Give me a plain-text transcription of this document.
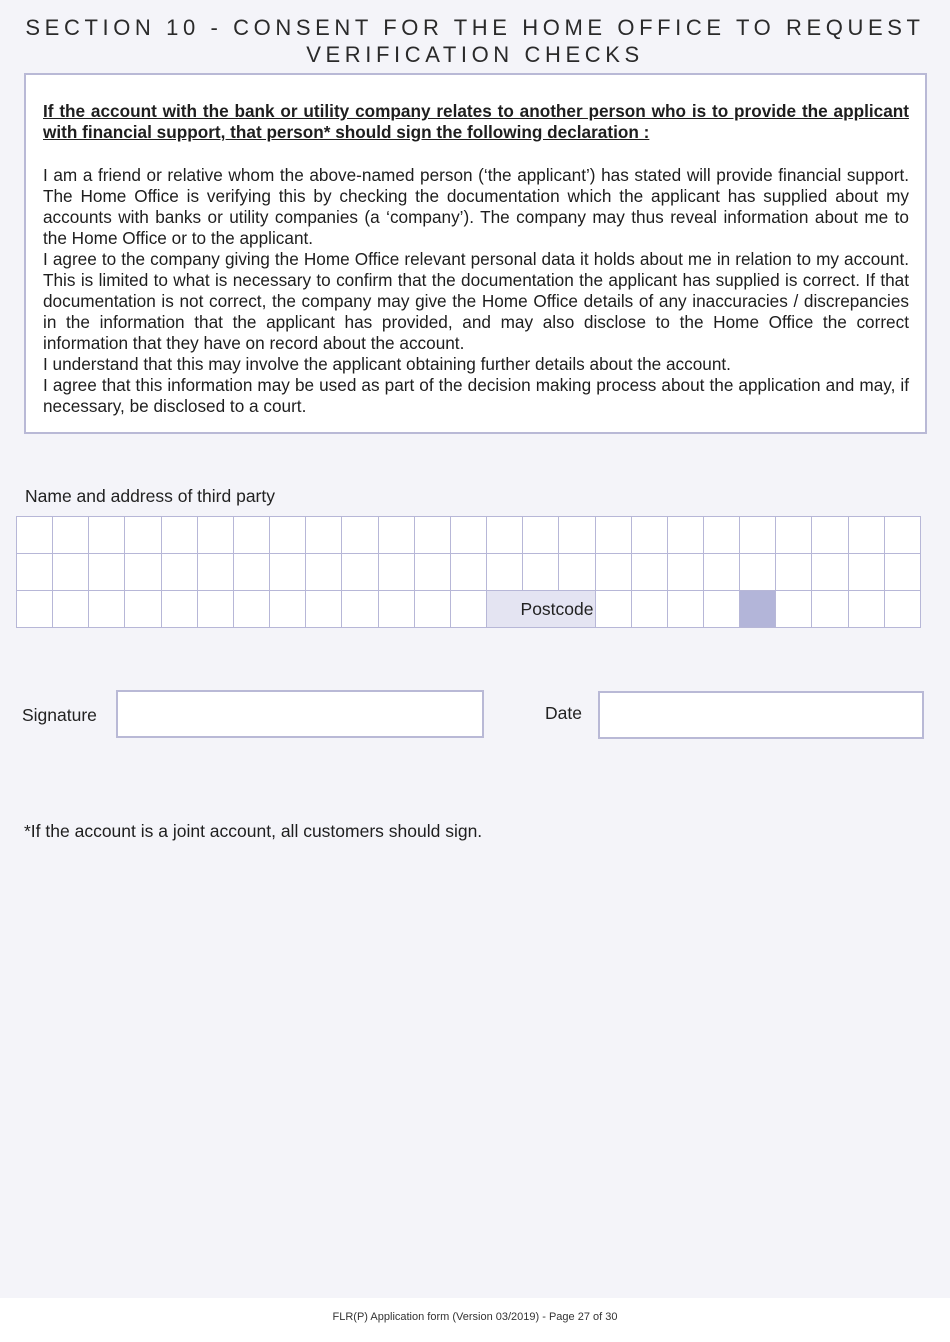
SECTION 10 - CONSENT FOR THE HOME OFFICE TO REQUEST
VERIFICATION CHECKS

If the account with the bank or utility company relates to another person who is to provide the applicant with financial support, that person* should sign the following declaration :

I am a friend or relative whom the above-named person (‘the applicant’) has stated will provide financial support. The Home Office is verifying this by checking the documentation which the applicant has supplied about my accounts with banks or utility companies (a ‘company’). The company may thus reveal information about me to the Home Office or to the applicant.

I agree to the company giving the Home Office relevant personal data it holds about me in relation to my account. This is limited to what is necessary to confirm that the documentation the applicant has supplied is correct. If that documentation is not correct, the company may give the Home Office details of any inaccuracies / discrepancies in the information that the applicant has provided, and may also disclose to the Home Office the correct information that they have on record about the account.

I understand that this may involve the applicant obtaining further details about the account.

I agree that this information may be used as part of the decision making process about the application and may, if necessary, be disclosed to a court.

Name and address of third party

													Postcode											
Signature	Date
*If the account is a joint account, all customers should sign.
FLR(P) Application form (Version 03/2019) - Page 27 of 30
